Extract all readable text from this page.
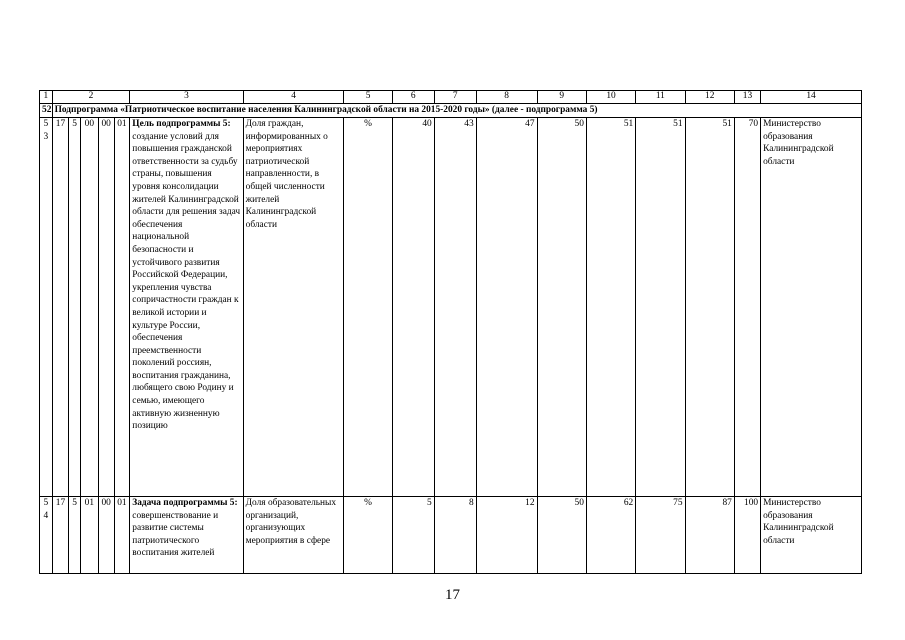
1	2					3	4	5	6	7	8	9	10	11	12	13	14
52	Подпрограмма «Патриотическое воспитание населения Калининградской области на 2015-2020 годы» (далее - подпрограмма 5)																
53	17	5	00	00	01	Цель подпрограммы 5: создание условий для повышения гражданской ответственности за судьбу страны, повышения уровня консолидации жителей Калининградской области для решения задач обеспечения национальной безопасности и устойчивого развития Российской Федерации, укрепления чувства сопричастности граждан к великой истории и культуре России, обеспечения преемственности поколений россиян, воспитания гражданина, любящего свою Родину и семью, имеющего активную жизненную позицию	Доля граждан, информированных о мероприятиях патриотической направленности, в общей численности жителей Калининградской области	%	40	43	47	50	51	51	51	70	Министерство образования Калининградской области
54	17	5	01	00	01	Задача подпрограммы 5: совершенствование и развитие системы патриотического воспитания жителей	Доля образовательных организаций, организующих мероприятия в сфере	%	5	8	12	50	62	75	87	100	Министерство образования Калининградской области
17
